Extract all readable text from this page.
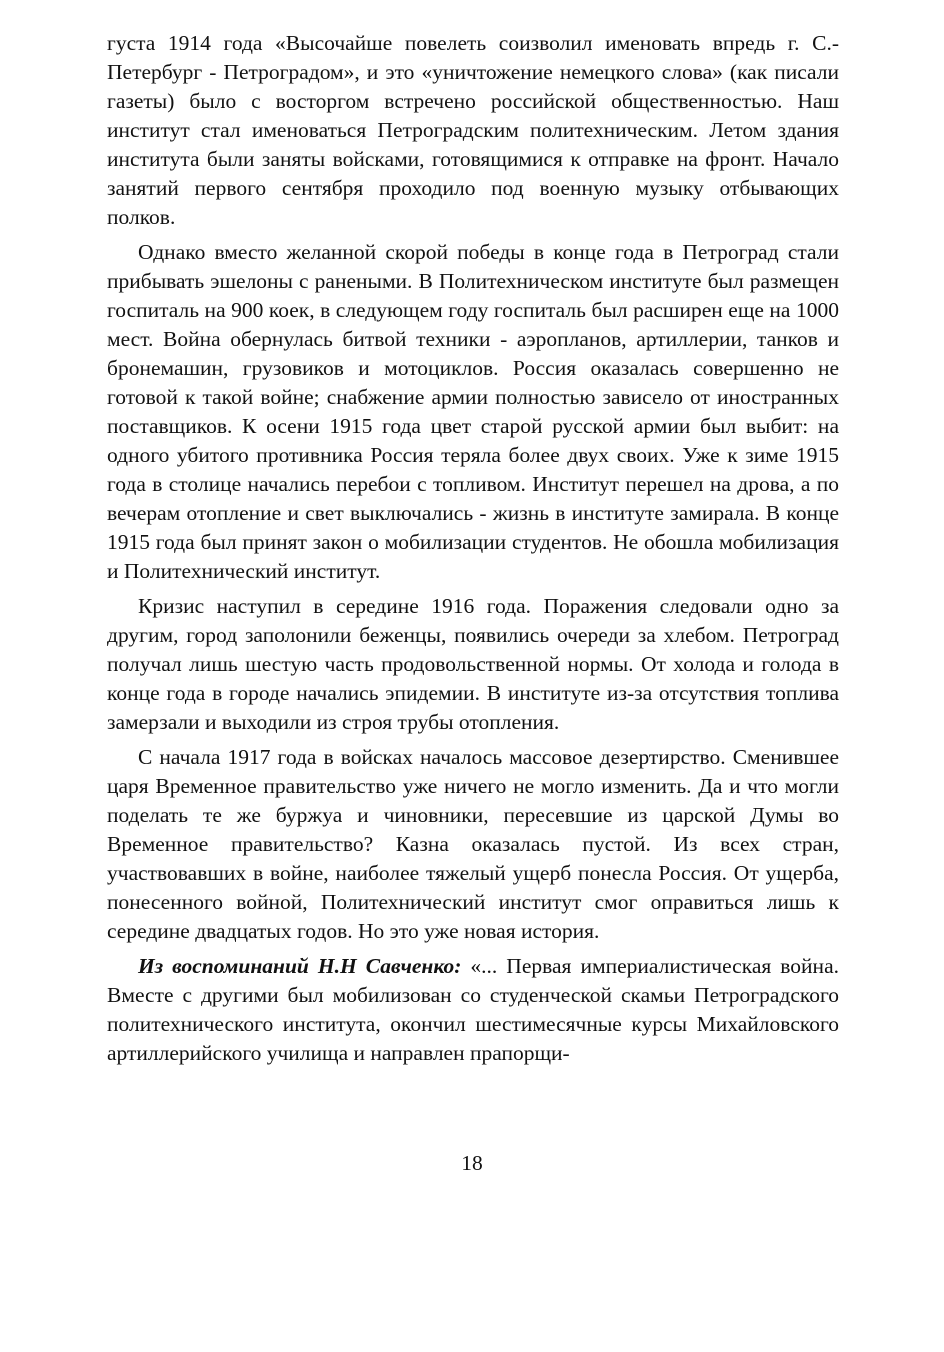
густа 1914 года «Высочайше повелеть соизволил именовать впредь г. С.-Петербург - Петроградом», и это «уничтожение немецкого слова» (как писали газеты) было с восторгом встречено российской общественностью. Наш институт стал именоваться Петроградским политехническим. Летом здания института были заняты войсками, готовящимися к отправке на фронт. Начало занятий первого сентября проходило под военную музыку отбывающих полков.

Однако вместо желанной скорой победы в конце года в Петроград стали прибывать эшелоны с ранеными. В Политехническом институте был размещен госпиталь на 900 коек, в следующем году госпиталь был расширен еще на 1000 мест. Война обернулась битвой техники - аэропланов, артиллерии, танков и бронемашин, грузовиков и мотоциклов. Россия оказалась совершенно не готовой к такой войне; снабжение армии полностью зависело от иностранных поставщиков. К осени 1915 года цвет старой русской армии был выбит: на одного убитого противника Россия теряла более двух своих. Уже к зиме 1915 года в столице начались перебои с топливом. Институт перешел на дрова, а по вечерам отопление и свет выключались - жизнь в институте замирала. В конце 1915 года был принят закон о мобилизации студентов. Не обошла мобилизация и Политехнический институт.

Кризис наступил в середине 1916 года. Поражения следовали одно за другим, город заполонили беженцы, появились очереди за хлебом. Петроград получал лишь шестую часть продовольственной нормы. От холода и голода в конце года в городе начались эпидемии. В институте из-за отсутствия топлива замерзали и выходили из строя трубы отопления.

С начала 1917 года в войсках началось массовое дезертирство. Сменившее царя Временное правительство уже ничего не могло изменить. Да и что могли поделать те же буржуа и чиновники, пересевшие из царской Думы во Временное правительство? Казна оказалась пустой. Из всех стран, участвовавших в войне, наиболее тяжелый ущерб понесла Россия. От ущерба, понесенного войной, Политехнический институт смог оправиться лишь к середине двадцатых годов. Но это уже новая история.

Из воспоминаний Н.Н Савченко: «... Первая империалистическая война. Вместе с другими был мобилизован со студенческой скамьи Петроградского политехнического института, окончил шестимесячные курсы Михайловского артиллерийского училища и направлен прапорщи-

18
